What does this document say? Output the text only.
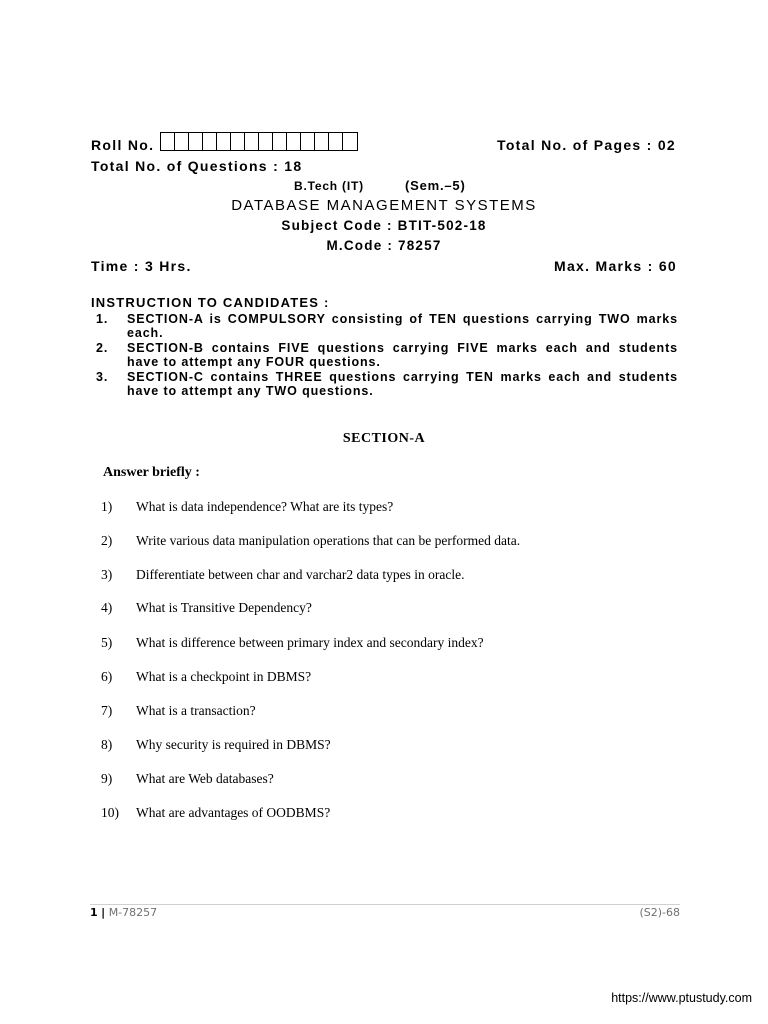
Roll No.	Total No. of Pages : 02
Total No. of Questions : 18
B.Tech (IT)	(Sem.–5)
DATABASE MANAGEMENT SYSTEMS
Subject Code : BTIT-502-18
M.Code : 78257
Time : 3 Hrs.	Max. Marks : 60
INSTRUCTION TO CANDIDATES :
1. SECTION-A is COMPULSORY consisting of TEN questions carrying TWO marks each.
2. SECTION-B contains FIVE questions carrying FIVE marks each and students have to attempt any FOUR questions.
3. SECTION-C contains THREE questions carrying TEN marks each and students have to attempt any TWO questions.
SECTION-A
Answer briefly :
1) What is data independence? What are its types?
2) Write various data manipulation operations that can be performed data.
3) Differentiate between char and varchar2 data types in oracle.
4) What is Transitive Dependency?
5) What is difference between primary index and secondary index?
6) What is a checkpoint in DBMS?
7) What is a transaction?
8) Why security is required in DBMS?
9) What are Web databases?
10) What are advantages of OODBMS?
1 | M-78257	(S2)-68
https://www.ptustudy.com
